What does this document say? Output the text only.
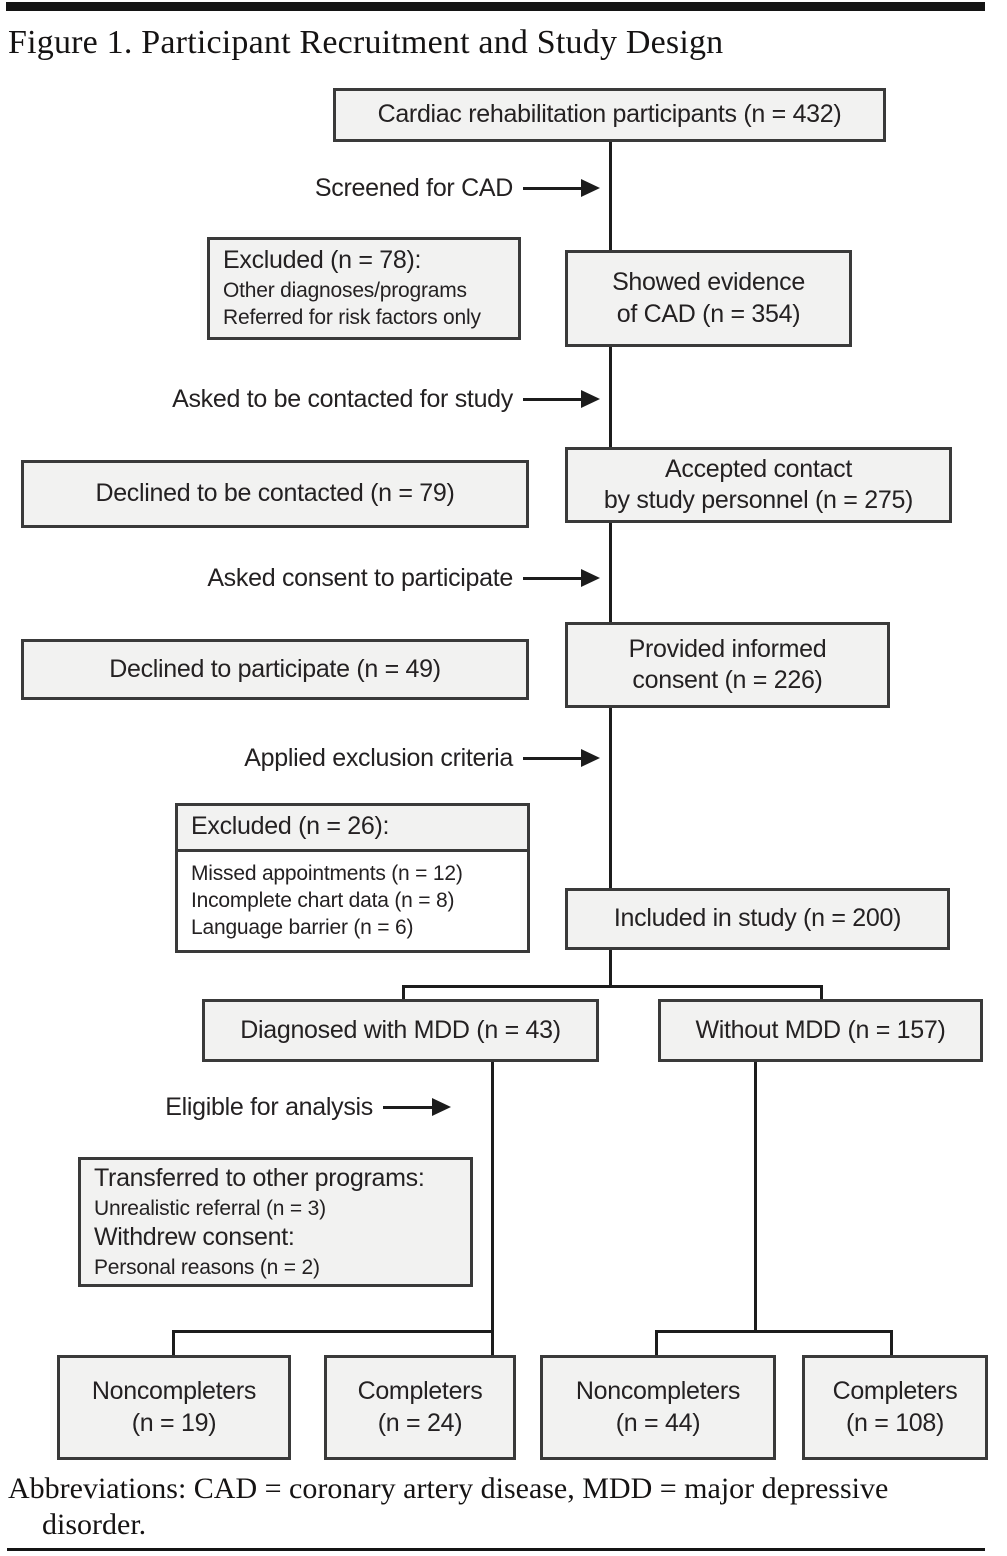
Figure 1. Participant Recruitment and Study Design
Screened for CAD
Asked to be contacted for study
Asked consent to participate
Applied exclusion criteria
Eligible for analysis
Cardiac rehabilitation participants (n = 432)
Excluded (n = 78):
Other diagnoses/programs
Referred for risk factors only
Showed evidence
of CAD (n = 354)
Declined to be contacted (n = 79)
Accepted contact
by study personnel (n = 275)
Declined to participate (n = 49)
Provided informed
consent (n = 226)
Excluded (n = 26):
Missed appointments (n = 12)
Incomplete chart data (n = 8)
Language barrier (n = 6)	Included in study (n = 200)
Diagnosed with MDD (n = 43)	Without MDD (n = 157)
Transferred to other programs:
Unrealistic referral (n = 3)
Withdrew consent:
Personal reasons (n = 2)
Noncompleters
(n = 19)
Completers
(n = 24)
Noncompleters
(n = 44)
Completers
(n = 108)
Abbreviations: CAD = coronary artery disease, MDD = major depressive
disorder.
